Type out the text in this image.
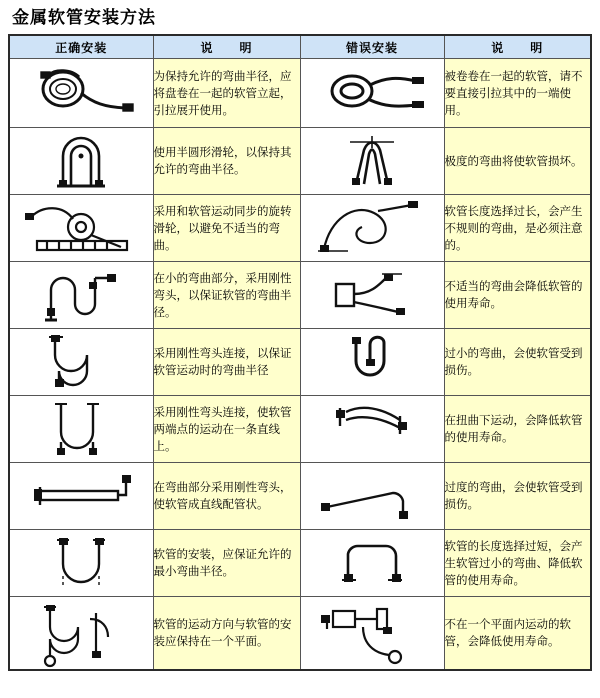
金属软管安装方法
正确安装	说　　明	错误安装	说　　明

	为保持允许的弯曲半径，应将盘卷在一起的软管立起，引拉展开使用。		被卷卷在一起的软管，请不要直接引拉其中的一端使用。

	使用半圆形滑轮，以保持其允许的弯曲半径。		极度的弯曲将使软管损坏。

	采用和软管运动同步的旋转滑轮，以避免不适当的弯曲。		软管长度选择过长，会产生不规则的弯曲，是必须注意的。

	在小的弯曲部分，采用刚性弯头，以保证软管的弯曲半径。		不适当的弯曲会降低软管的使用寿命。

	采用刚性弯头连接，以保证软管运动时的弯曲半径		过小的弯曲，会使软管受到损伤。

	采用刚性弯头连接，使软管两端点的运动在一条直线上。		在扭曲下运动，会降低软管的使用寿命。

	在弯曲部分采用刚性弯头，使软管成直线配管状。		过度的弯曲，会使软管受到损伤。

	软管的安装，应保证允许的最小弯曲半径。		软管的长度选择过短，会产生软管过小的弯曲、降低软管的使用寿命。

	软管的运动方向与软管的安装应保持在一个平面。		不在一个平面内运动的软管，会降低使用寿命。
